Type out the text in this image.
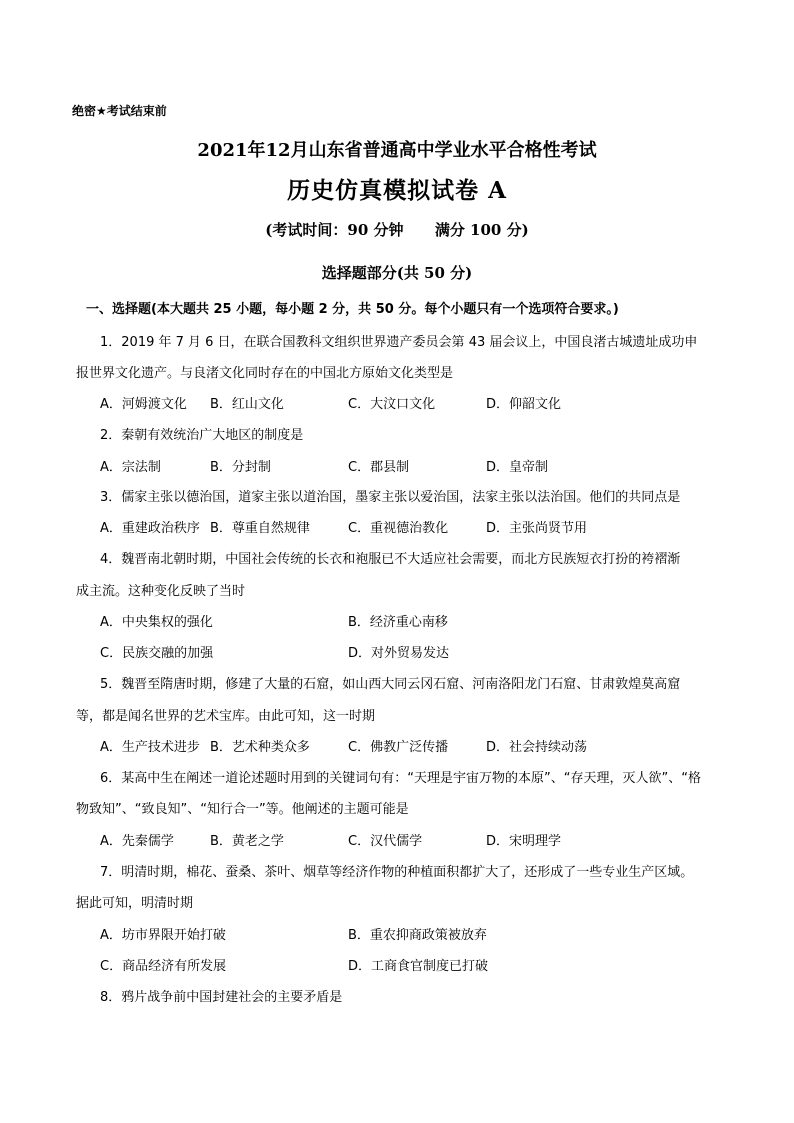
绝密★考试结束前
2021年12月山东省普通高中学业水平合格性考试
历史仿真模拟试卷 A
(考试时间：90 分钟      满分 100 分)
选择题部分(共 50 分)
一、选择题(本大题共 25 小题，每小题 2 分，共 50 分。每个小题只有一个选项符合要求。)
1．2019 年 7 月 6 日，在联合国教科文组织世界遗产委员会第 43 届会议上，中国良渚古城遗址成功申
报世界文化遗产。与良渚文化同时存在的中国北方原始文化类型是
A．河姆渡文化 B．红山文化	C．大汶口文化	D．仰韶文化
2．秦朝有效统治广大地区的制度是
A．宗法制	B．分封制	C．郡县制	D．皇帝制
3．儒家主张以德治国，道家主张以道治国，墨家主张以爱治国，法家主张以法治国。他们的共同点是
A．重建政治秩序 B．尊重自然规律	C．重视德治教化	D．主张尚贤节用
4．魏晋南北朝时期，中国社会传统的长衣和袍服已不大适应社会需要，而北方民族短衣打扮的袴褶渐
成主流。这种变化反映了当时
A．中央集权的强化	B．经济重心南移
C．民族交融的加强	D．对外贸易发达
5．魏晋至隋唐时期，修建了大量的石窟，如山西大同云冈石窟、河南洛阳龙门石窟、甘肃敦煌莫高窟
等，都是闻名世界的艺术宝库。由此可知，这一时期
A．生产技术进步 B．艺术种类众多	C．佛教广泛传播	D．社会持续动荡
6．某高中生在阐述一道论述题时用到的关键词句有：“天理是宇宙万物的本原”、“存天理，灭人欲”、“格
物致知”、“致良知”、“知行合一”等。他阐述的主题可能是
A．先秦儒学	B．黄老之学	C．汉代儒学	D．宋明理学
7．明清时期，棉花、蚕桑、茶叶、烟草等经济作物的种植面积都扩大了，还形成了一些专业生产区域。
据此可知，明清时期
A．坊市界限开始打破	B．重农抑商政策被放弃
C．商品经济有所发展	D．工商食官制度已打破
8．鸦片战争前中国封建社会的主要矛盾是
